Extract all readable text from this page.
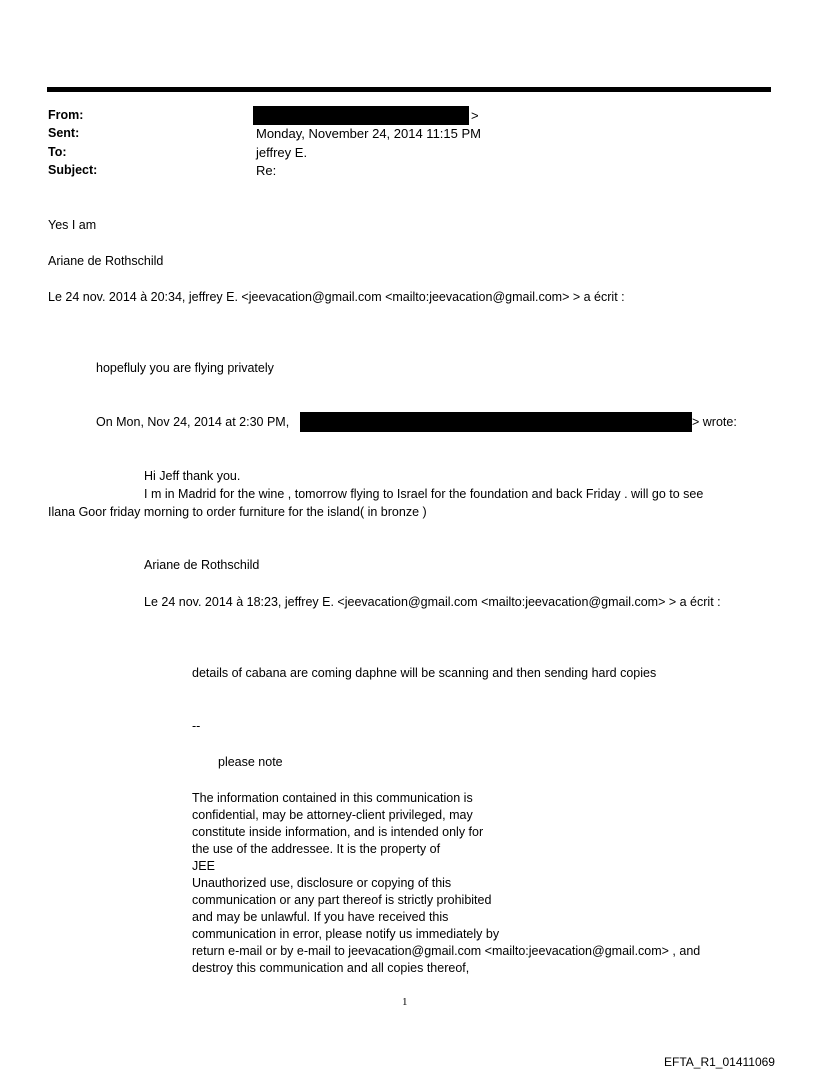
From:	>
Sent:	Monday, November 24, 2014 11:15 PM
To:	jeffrey E.
Subject:	Re:
Yes I am
Ariane de Rothschild
Le 24 nov. 2014 à 20:34, jeffrey E. <jeevacation@gmail.com <mailto:jeevacation@gmail.com> > a écrit :
hopefluly you are flying privately
On Mon, Nov 24, 2014 at 2:30 PM,	> wrote:
Hi Jeff thank you.
I m in Madrid for the wine , tomorrow flying to Israel for the foundation and back Friday . will go to see
Ilana Goor friday morning to order furniture for the island( in bronze )
Ariane de Rothschild
Le 24 nov. 2014 à 18:23, jeffrey E. <jeevacation@gmail.com <mailto:jeevacation@gmail.com> > a écrit :
details of cabana are coming daphne will be scanning and then sending hard copies
--
please note
The information contained in this communication is
confidential, may be attorney-client privileged, may
constitute inside information, and is intended only for
the use of the addressee. It is the property of
JEE
Unauthorized use, disclosure or copying of this
communication or any part thereof is strictly prohibited
and may be unlawful. If you have received this
communication in error, please notify us immediately by
return e-mail or by e-mail to jeevacation@gmail.com <mailto:jeevacation@gmail.com> , and
destroy this communication and all copies thereof,
1
EFTA_R1_01411069
